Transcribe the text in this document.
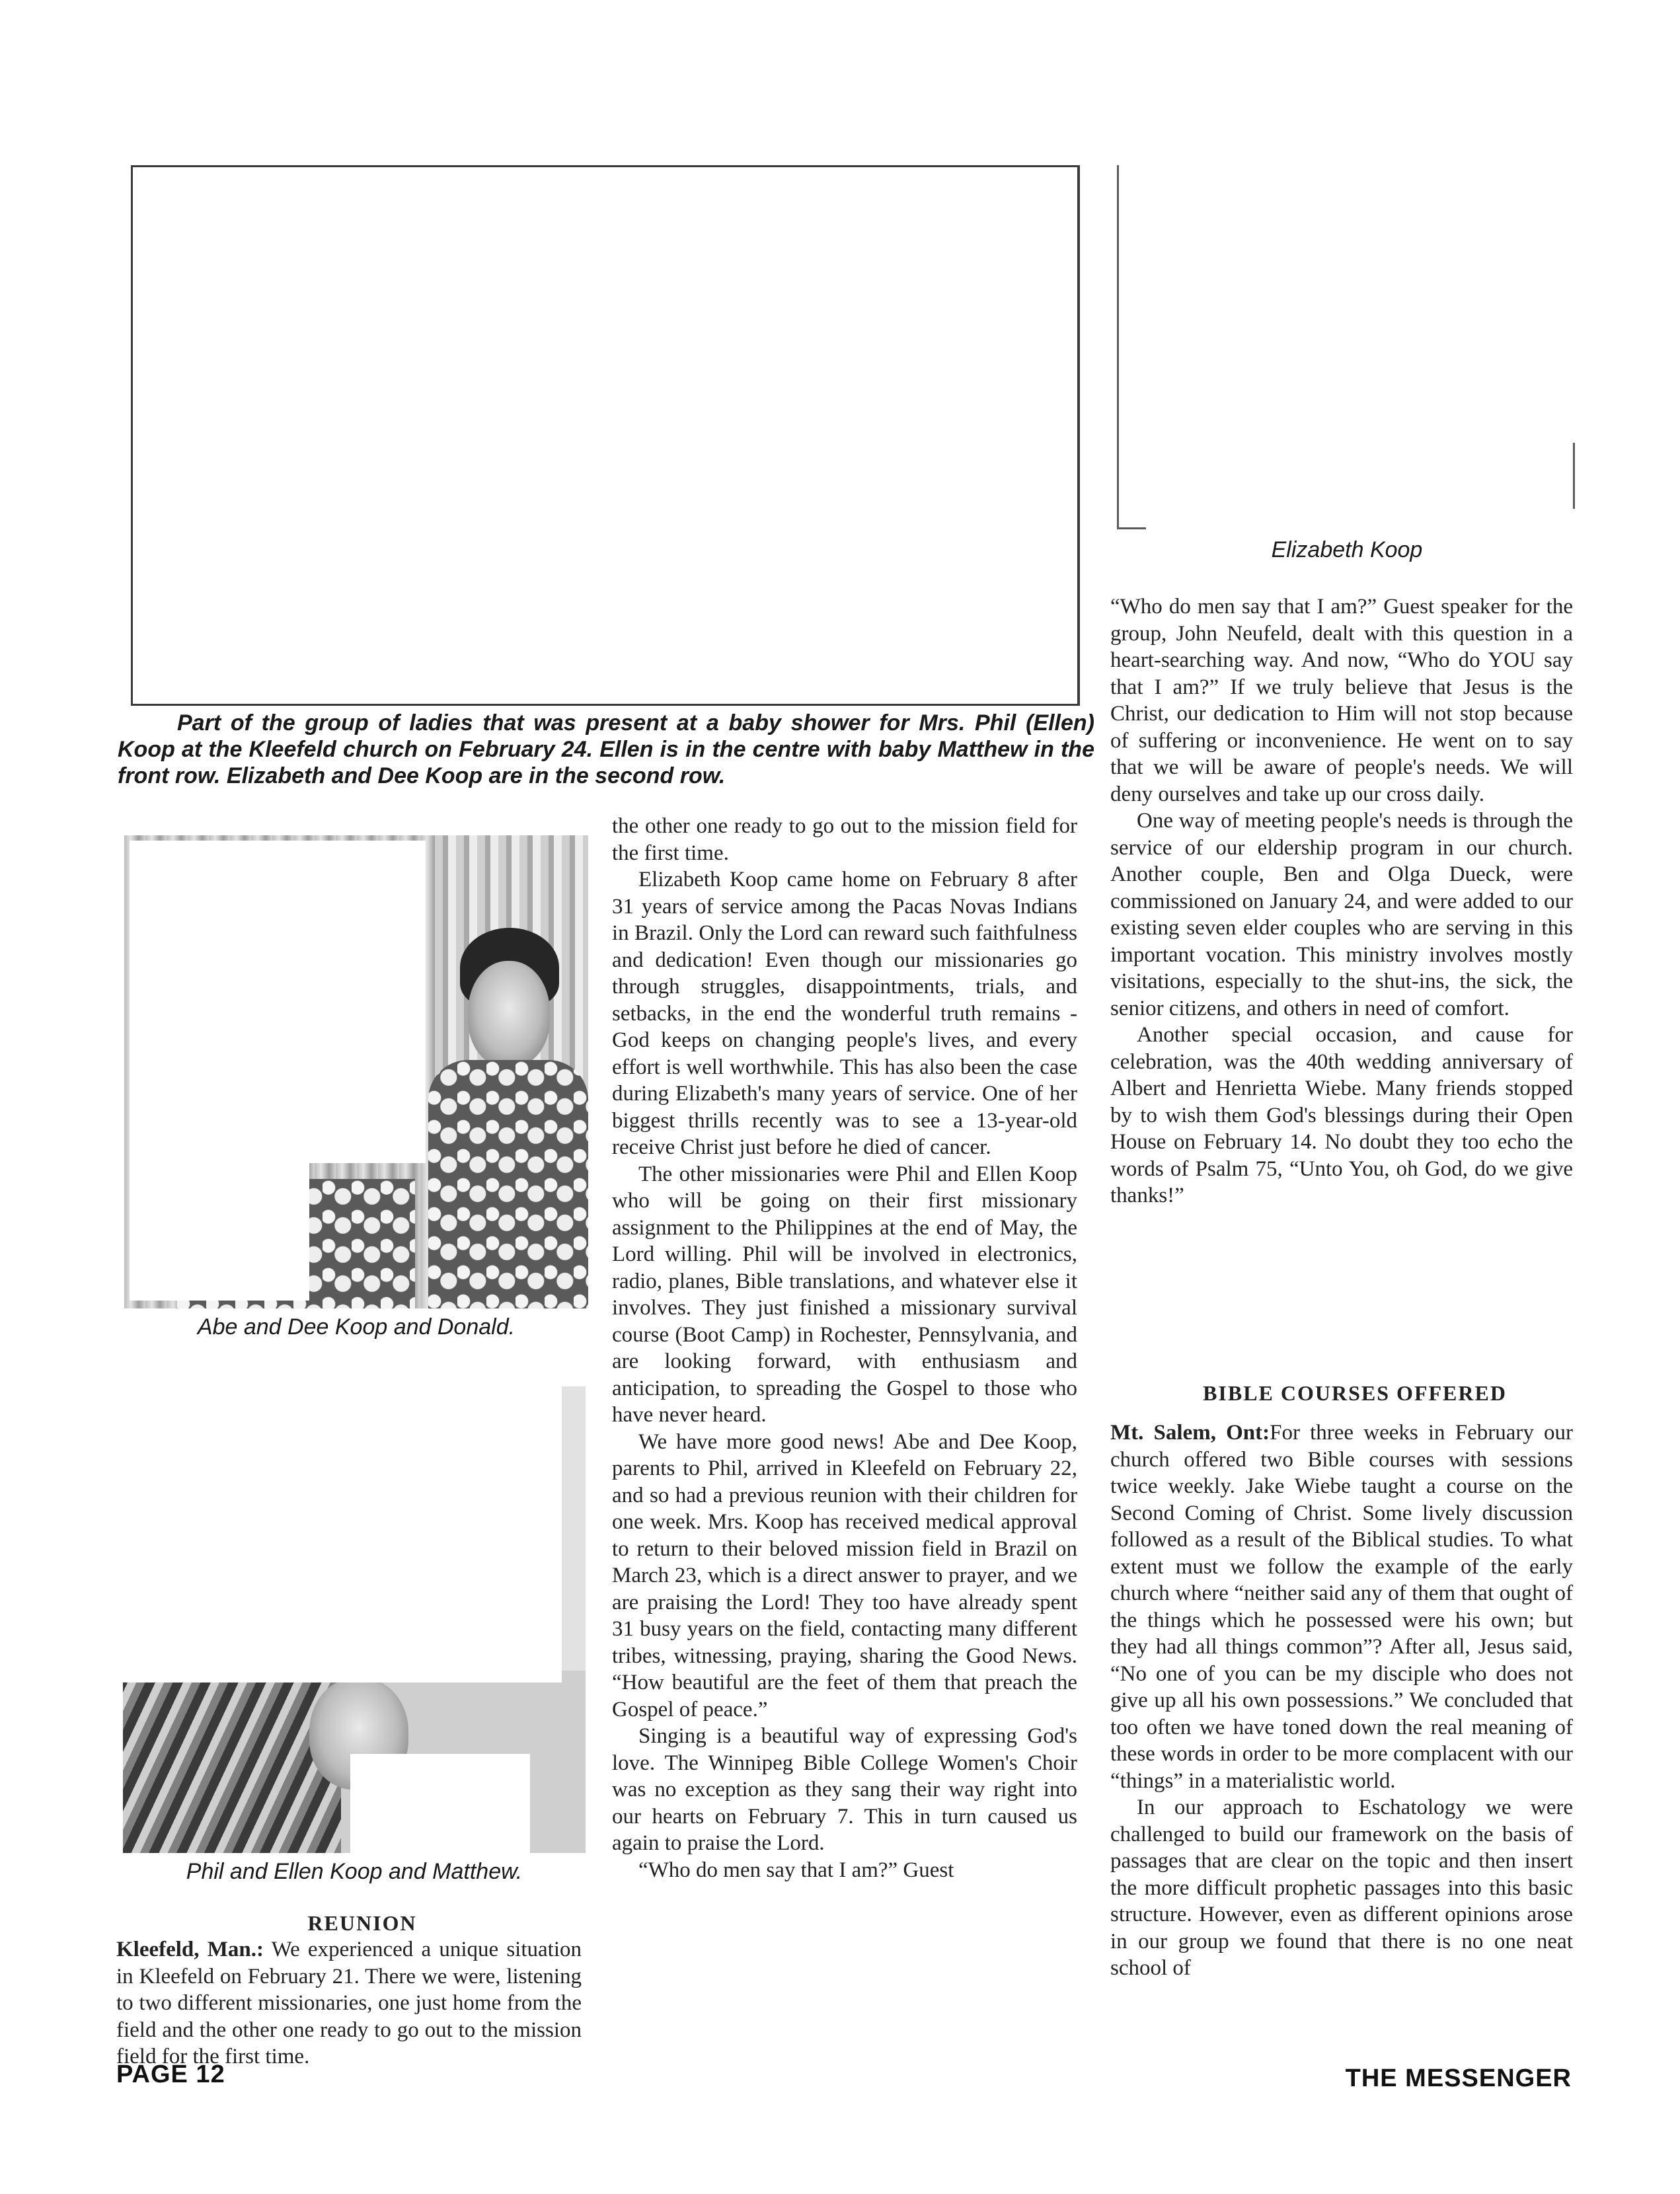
Elizabeth Koop

Part of the group of ladies that was present at a baby shower for Mrs. Phil (Ellen) Koop at the Kleefeld church on February 24. Ellen is in the centre with baby Matthew in the front row. Elizabeth and Dee Koop are in the second row.

Abe and Dee Koop and Donald.

Phil and Ellen Koop and Matthew.

REUNION

Kleefeld, Man.: We experienced a unique situation in Kleefeld on February 21. There we were, listening to two different missionaries, one just home from the field and the other one ready to go out to the mission field for the first time.

the other one ready to go out to the mission field for the first time.

Elizabeth Koop came home on February 8 after 31 years of service among the Pacas Novas Indians in Brazil. Only the Lord can reward such faithfulness and dedication! Even though our missionaries go through struggles, disappointments, trials, and setbacks, in the end the wonderful truth remains - God keeps on changing people's lives, and every effort is well worthwhile. This has also been the case during Elizabeth's many years of service. One of her biggest thrills recently was to see a 13-year-old receive Christ just before he died of cancer.

The other missionaries were Phil and Ellen Koop who will be going on their first missionary assignment to the Philippines at the end of May, the Lord willing. Phil will be involved in electronics, radio, planes, Bible translations, and whatever else it involves. They just finished a missionary survival course (Boot Camp) in Rochester, Pennsylvania, and are looking forward, with enthusiasm and anticipation, to spreading the Gospel to those who have never heard.

We have more good news! Abe and Dee Koop, parents to Phil, arrived in Kleefeld on February 22, and so had a previous reunion with their children for one week. Mrs. Koop has received medical approval to return to their beloved mission field in Brazil on March 23, which is a direct answer to prayer, and we are praising the Lord! They too have already spent 31 busy years on the field, contacting many different tribes, witnessing, praying, sharing the Good News. “How beautiful are the feet of them that preach the Gospel of peace.”

Singing is a beautiful way of expressing God's love. The Winnipeg Bible College Women's Choir was no exception as they sang their way right into our hearts on February 7. This in turn caused us again to praise the Lord.

“Who do men say that I am?” Guest

“Who do men say that I am?” Guest speaker for the group, John Neufeld, dealt with this question in a heart-searching way. And now, “Who do YOU say that I am?” If we truly believe that Jesus is the Christ, our dedication to Him will not stop because of suffering or inconvenience. He went on to say that we will be aware of people's needs. We will deny ourselves and take up our cross daily.

One way of meeting people's needs is through the service of our eldership program in our church. Another couple, Ben and Olga Dueck, were commissioned on January 24, and were added to our existing seven elder couples who are serving in this important vocation. This ministry involves mostly visitations, especially to the shut-ins, the sick, the senior citizens, and others in need of comfort.

Another special occasion, and cause for celebration, was the 40th wedding anniversary of Albert and Henrietta Wiebe. Many friends stopped by to wish them God's blessings during their Open House on February 14. No doubt they too echo the words of Psalm 75, “Unto You, oh God, do we give thanks!”

BIBLE COURSES OFFERED

Mt. Salem, Ont:For three weeks in February our church offered two Bible courses with sessions twice weekly. Jake Wiebe taught a course on the Second Coming of Christ. Some lively discussion followed as a result of the Biblical studies. To what extent must we follow the example of the early church where “neither said any of them that ought of the things which he possessed were his own; but they had all things common”? After all, Jesus said, “No one of you can be my disciple who does not give up all his own possessions.” We concluded that too often we have toned down the real meaning of these words in order to be more complacent with our “things” in a materialistic world.

In our approach to Eschatology we were challenged to build our framework on the basis of passages that are clear on the topic and then insert the more difficult prophetic passages into this basic structure. However, even as different opinions arose in our group we found that there is no one neat school of

PAGE 12	THE MESSENGER
